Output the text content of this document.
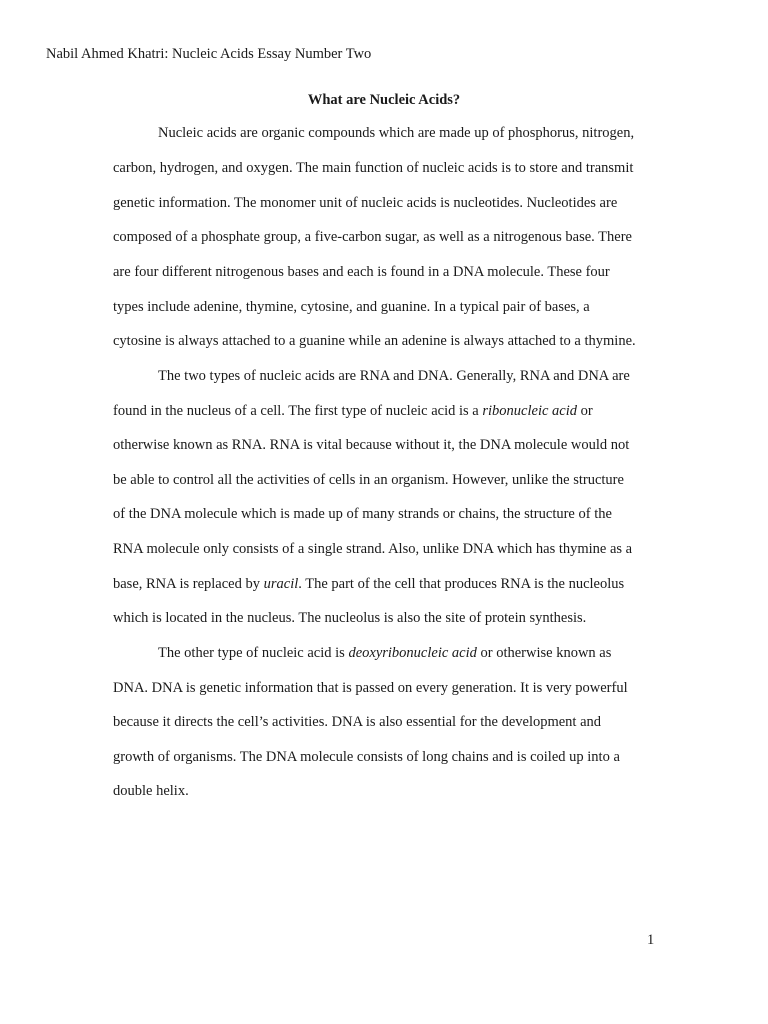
Nabil Ahmed Khatri: Nucleic Acids Essay Number Two
What are Nucleic Acids?
Nucleic acids are organic compounds which are made up of phosphorus, nitrogen,
carbon, hydrogen, and oxygen. The main function of nucleic acids is to store and transmit
genetic information. The monomer unit of nucleic acids is nucleotides. Nucleotides are
composed of a phosphate group, a five-carbon sugar, as well as a nitrogenous base. There
are four different nitrogenous bases and each is found in a DNA molecule. These four
types include adenine, thymine, cytosine, and guanine. In a typical pair of bases, a
cytosine is always attached to a guanine while an adenine is always attached to a thymine.
The two types of nucleic acids are RNA and DNA. Generally, RNA and DNA are
found in the nucleus of a cell. The first type of nucleic acid is a ribonucleic acid or
otherwise known as RNA. RNA is vital because without it, the DNA molecule would not
be able to control all the activities of cells in an organism. However, unlike the structure
of the DNA molecule which is made up of many strands or chains, the structure of the
RNA molecule only consists of a single strand. Also, unlike DNA which has thymine as a
base, RNA is replaced by uracil. The part of the cell that produces RNA is the nucleolus
which is located in the nucleus. The nucleolus is also the site of protein synthesis.
The other type of nucleic acid is deoxyribonucleic acid or otherwise known as
DNA. DNA is genetic information that is passed on every generation. It is very powerful
because it directs the cell’s activities. DNA is also essential for the development and
growth of organisms. The DNA molecule consists of long chains and is coiled up into a
double helix.
1
